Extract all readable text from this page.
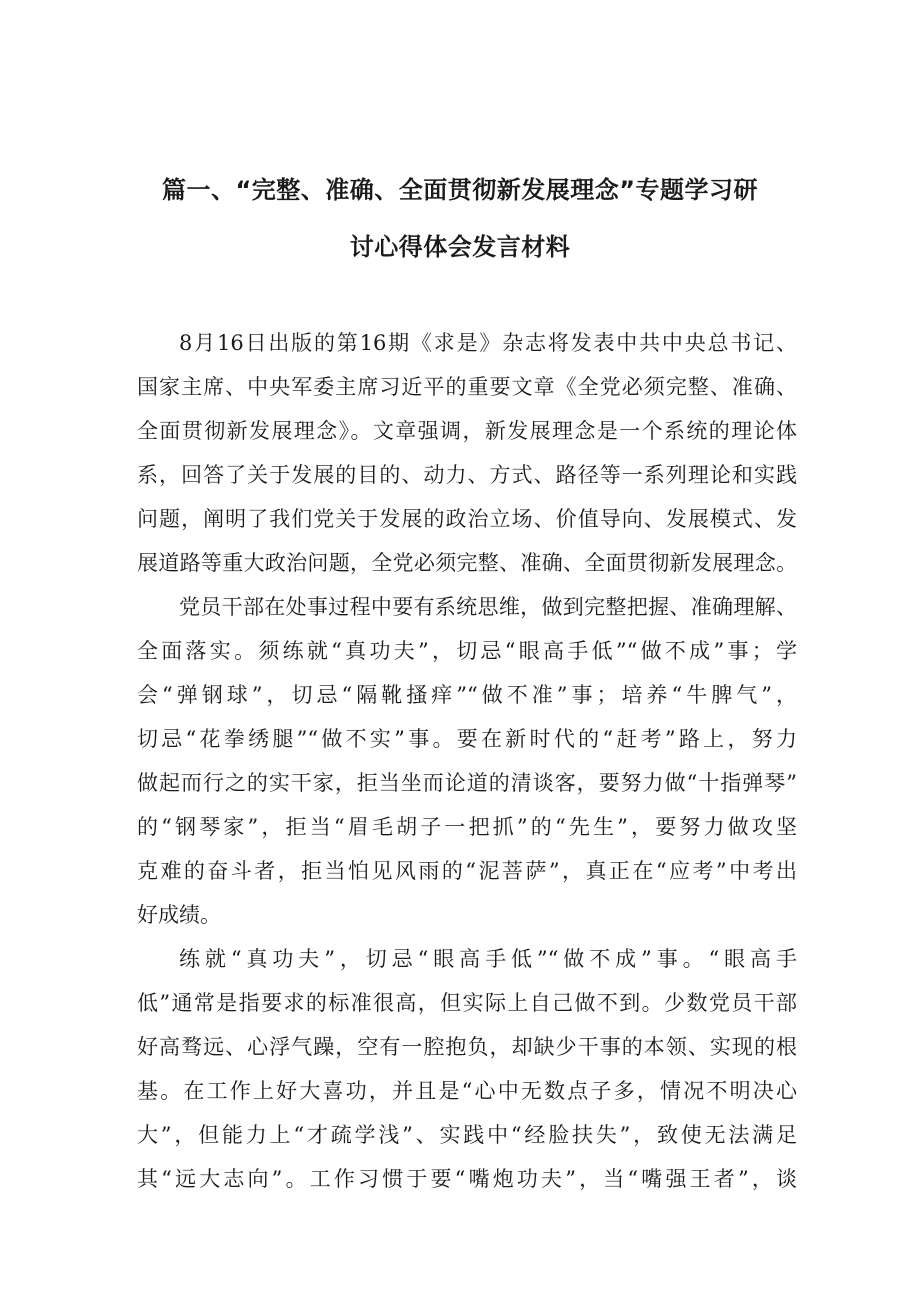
篇一、“完整、准确、全面贯彻新发展理念”专题学习研
讨心得体会发言材料
8月16日出版的第16期《求是》杂志将发表中共中央总书记、
国家主席、中央军委主席习近平的重要文章《全党必须完整、准确、
全面贯彻新发展理念》。文章强调，新发展理念是一个系统的理论体
系，回答了关于发展的目的、动力、方式、路径等一系列理论和实践
问题，阐明了我们党关于发展的政治立场、价值导向、发展模式、发
展道路等重大政治问题，全党必须完整、准确、全面贯彻新发展理念。
党员干部在处事过程中要有系统思维，做到完整把握、准确理解、
全面落实。须练就“真功夫”，切忌“眼高手低”“做不成”事；学
会“弹钢球”，切忌“隔靴搔痒”“做不准”事；培养“牛脾气”，
切忌“花拳绣腿”“做不实”事。要在新时代的“赶考”路上，努力
做起而行之的实干家，拒当坐而论道的清谈客，要努力做“十指弹琴”
的“钢琴家”，拒当“眉毛胡子一把抓”的“先生”，要努力做攻坚
克难的奋斗者，拒当怕见风雨的“泥菩萨”，真正在“应考”中考出
好成绩。
练就“真功夫”，切忌“眼高手低”“做不成”事。“眼高手
低”通常是指要求的标准很高，但实际上自己做不到。少数党员干部
好高骛远、心浮气躁，空有一腔抱负，却缺少干事的本领、实现的根
基。在工作上好大喜功，并且是“心中无数点子多，情况不明决心
大”，但能力上“才疏学浅”、实践中“经脸扶失”，致使无法满足
其“远大志向”。工作习惯于要“嘴炮功夫”，当“嘴强王者”，谈
